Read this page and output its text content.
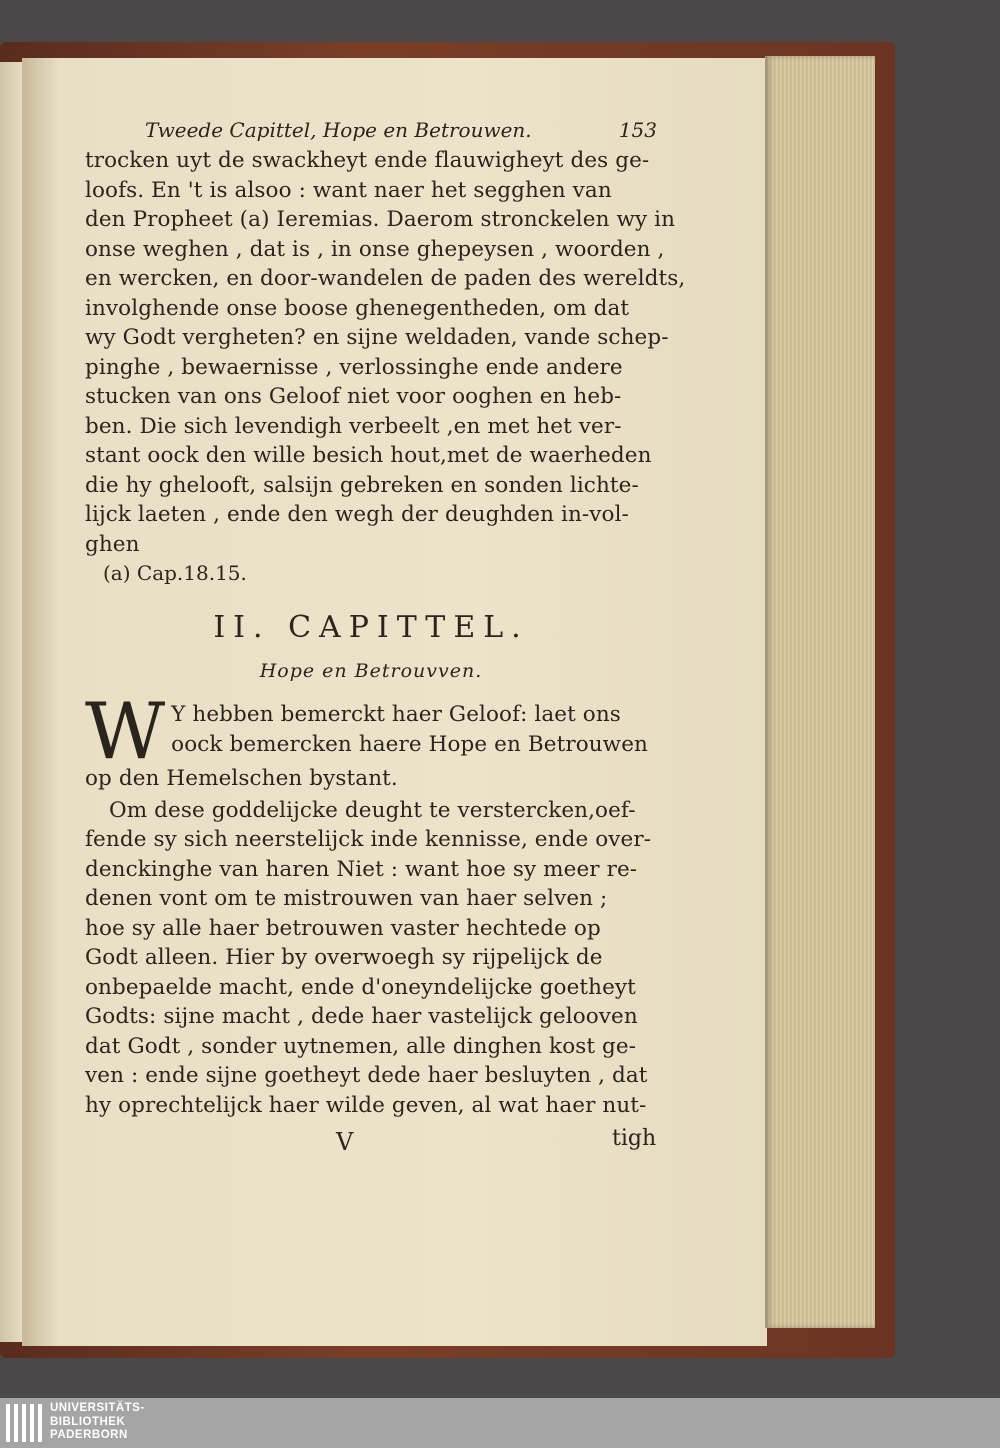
Tweede Capittel, Hope en Betrouwen.	153
trocken uyt de swackheyt ende flauwigheyt des ge-
loofs. En 't is alsoo : want naer het segghen van
den Propheet (a) Ieremias. Daerom stronckelen wy in
onse weghen , dat is , in onse ghepeysen , woorden ,
en wercken, en door-wandelen de paden des wereldts,
involghende onse boose ghenegentheden, om dat
wy Godt vergheten? en sijne weldaden, vande schep-
pinghe , bewaernisse , verlossinghe ende andere
stucken van ons Geloof niet voor ooghen en heb-
ben. Die sich levendigh verbeelt ,en met het ver-
stant oock den wille besich hout,met de waerheden
die hy ghelooft, salsijn gebreken en sonden lichte-
lijck laeten , ende den wegh der deughden in-vol-
ghen
(a) Cap.18.15.
II. CAPITTEL.
Hope en Betrouvven.
W Y hebben bemerckt haer Geloof: laet ons
oock bemercken haere Hope en Betrouwen
op den Hemelschen bystant.
Om dese goddelijcke deught te verstercken,oef-
fende sy sich neerstelijck inde kennisse, ende over-
denckinghe van haren Niet : want hoe sy meer re-
denen vont om te mistrouwen van haer selven ;
hoe sy alle haer betrouwen vaster hechtede op
Godt alleen. Hier by overwoegh sy rijpelijck de
onbepaelde macht, ende d'oneyndelijcke goetheyt
Godts: sijne macht , dede haer vastelijck gelooven
dat Godt , sonder uytnemen, alle dinghen kost ge-
ven : ende sijne goetheyt dede haer besluyten , dat
hy oprechtelijck haer wilde geven, al wat haer nut-
V	tigh
UNIVERSITÄTS-
BIBLIOTHEK
PADERBORN
